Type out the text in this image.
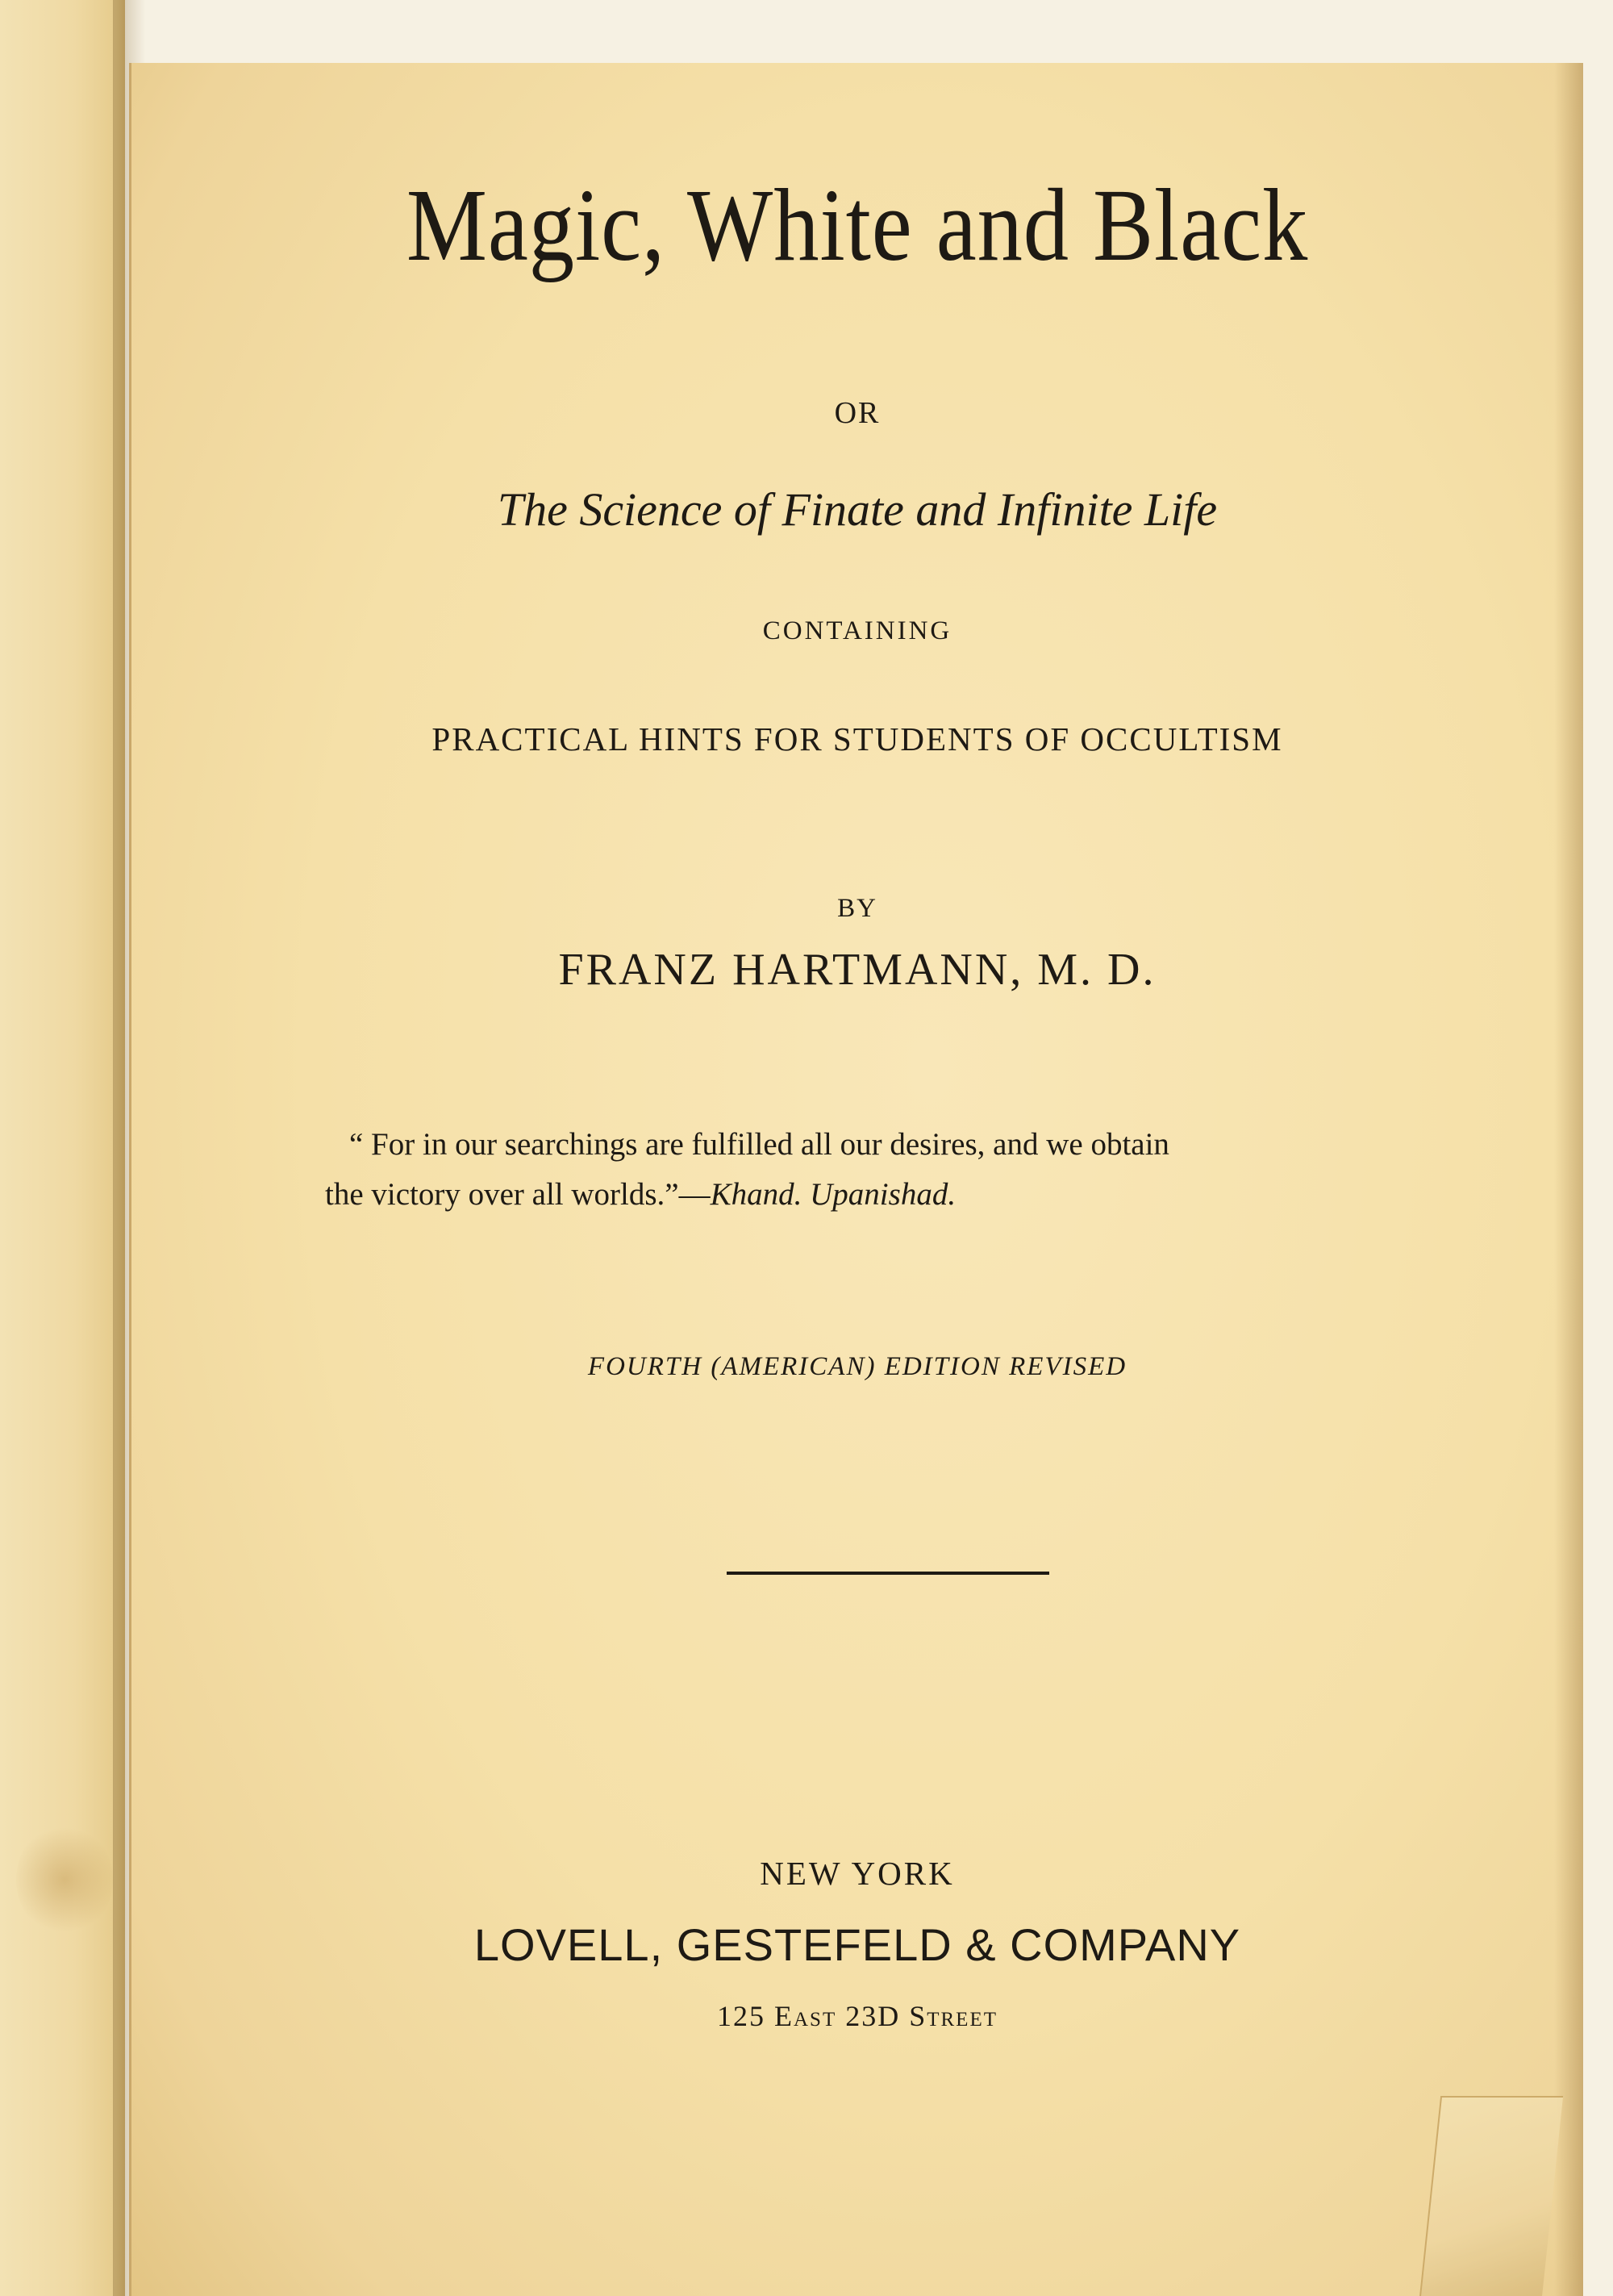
Magic, White and Black
OR
The Science of Finate and Infinite Life
CONTAINING
PRACTICAL HINTS FOR STUDENTS OF OCCULTISM
BY
FRANZ HARTMANN, M. D.
“ For in our searchings are fulfilled all our desires, and we obtain
the victory over all worlds.”—Khand. Upanishad.
FOURTH (AMERICAN) EDITION REVISED
NEW YORK
LOVELL, GESTEFELD & COMPANY
125 East 23D Street
